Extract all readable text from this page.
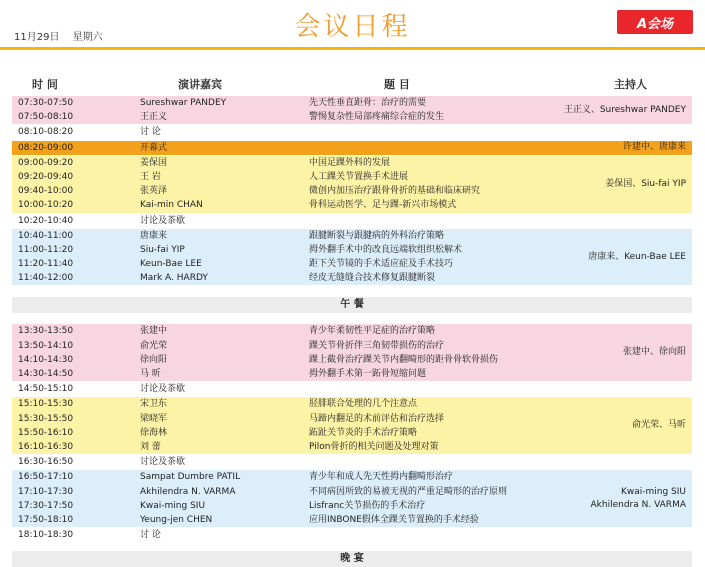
11月29日 星期六	会议日程	A会场
时 间	演讲嘉宾	题 目	主持人
07:30-07:50	Sureshwar PANDEY	先天性垂直距骨：治疗的需要
07:50-08:10	王正义	警惕复杂性局部疼痛综合症的发生
王正义、Sureshwar PANDEY
08:10-08:20	讨 论
08:20-09:00	开幕式	许建中、唐康来
09:00-09:20	姜保国	中国足踝外科的发展
09:20-09:40	王 岩	人工踝关节置换手术进展
09:40-10:00	张英泽	微创内加压治疗跟骨骨折的基础和临床研究
10:00-10:20	Kai-min CHAN	骨科运动医学、足与踝-新兴市场模式
姜保国、Siu-fai YIP
10:20-10:40	讨论及茶歇
10:40-11:00	唐康来	跟腱断裂与跟腱病的外科治疗策略
11:00-11:20	Siu-fai YIP	拇外翻手术中的改良远端软组织松解术
11:20-11:40	Keun-Bae LEE	距下关节镜的手术适应症及手术技巧
11:40-12:00	Mark A. HARDY	经皮无缝缝合技术修复跟腱断裂
唐康来、Keun-Bae LEE
午 餐
13:30-13:50	张建中	青少年柔韧性平足症的治疗策略
13:50-14:10	俞光荣	踝关节骨折伴三角韧带损伤的治疗
14:10-14:30	徐向阳	踝上截骨治疗踝关节内翻畸形的距骨骨软骨损伤
14:30-14:50	马 昕	拇外翻手术第一跖骨短缩问题
张建中、徐向阳
14:50-15:10	讨论及茶歇
15:10-15:30	宋卫东	胫腓联合处理的几个注意点
15:30-15:50	梁晓军	马蹄内翻足的术前评估和治疗选择
15:50-16:10	徐海林	跖趾关节炎的手术治疗策略
16:10-16:30	刘 蕾	Pilon骨折的相关问题及处理对策
俞光荣、马昕
16:30-16:50	讨论及茶歇
16:50-17:10	Sampat Dumbre PATIL	青少年和成人先天性拇内翻畸形治疗
17:10-17:30	Akhilendra N. VARMA	不同病因所致的易被无视的严重足畸形的治疗原则
17:30-17:50	Kwai-ming SIU	Lisfranc关节损伤的手术治疗
17:50-18:10	Yeung-jen CHEN	应用INBONE假体全踝关节置换的手术经验
Kwai-ming SIU
Akhilendra N. VARMA
18:10-18:30	讨 论
晚 宴
